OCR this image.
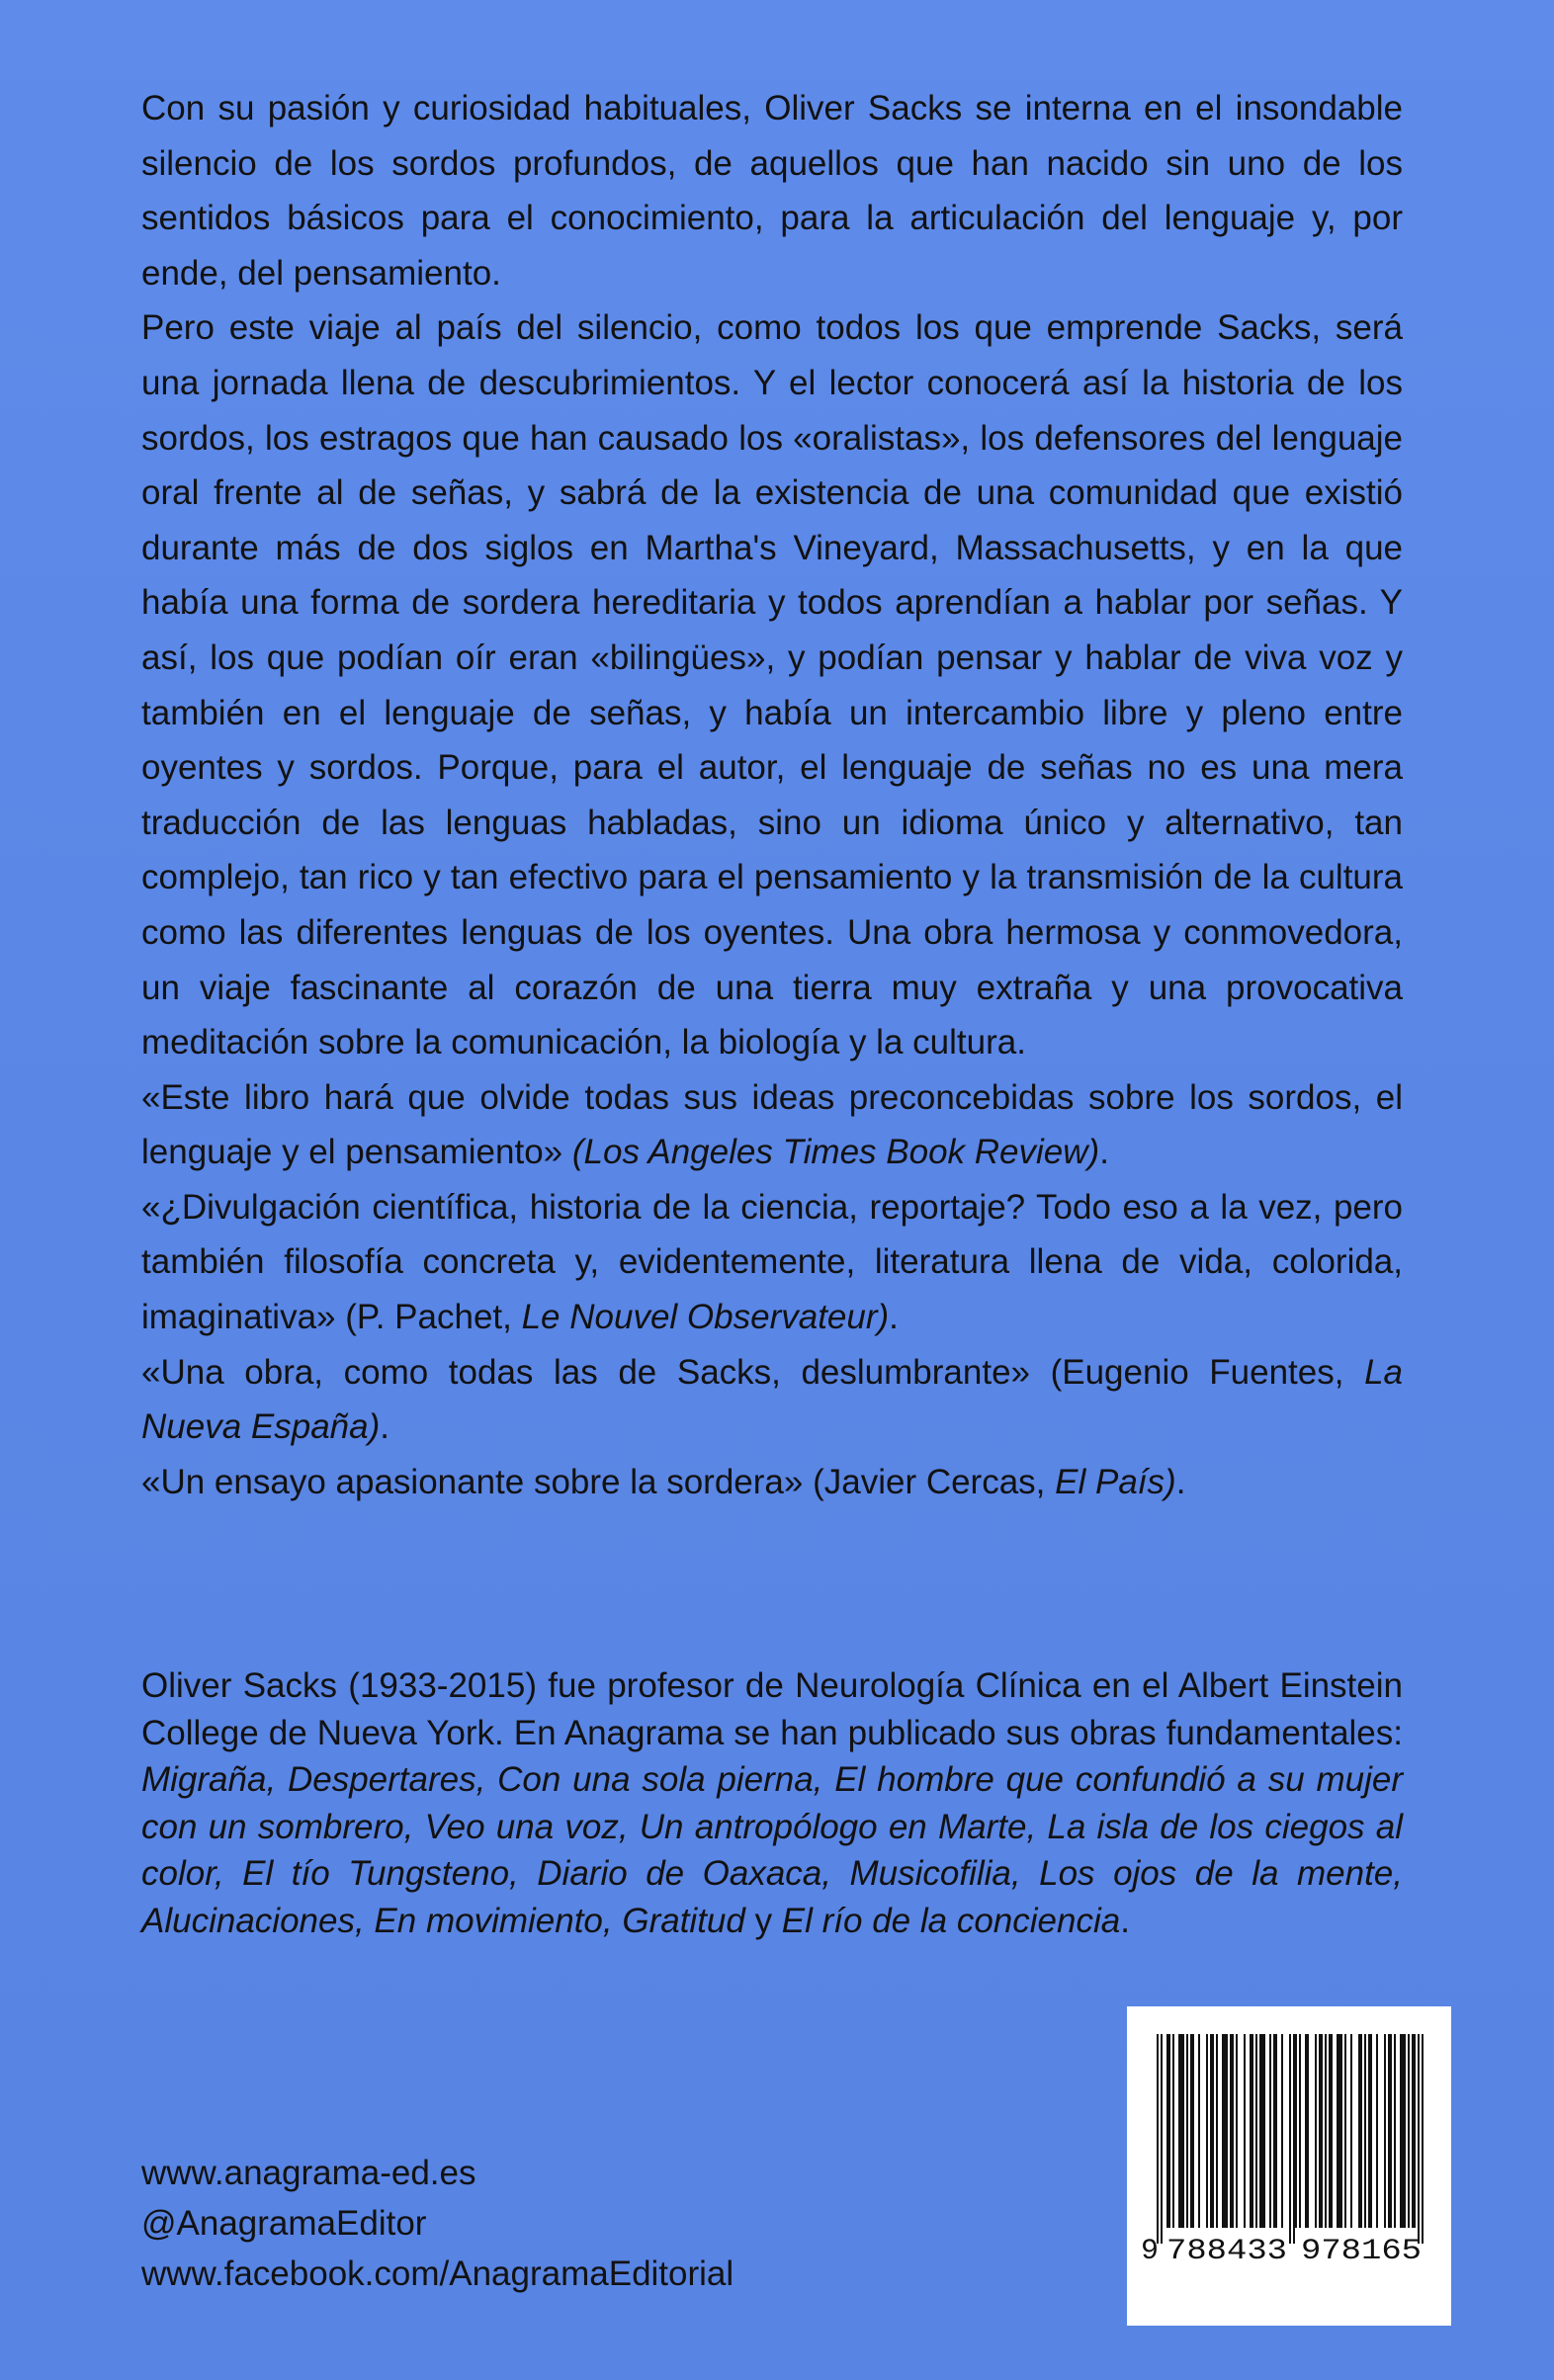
Con su pasión y curiosidad habituales, Oliver Sacks se interna en el insondable silencio de los sordos profundos, de aquellos que han nacido sin uno de los sentidos básicos para el conocimiento, para la articulación del lenguaje y, por ende, del pensamiento.

Pero este viaje al país del silencio, como todos los que emprende Sacks, será una jornada llena de descubrimientos. Y el lector conocerá así la historia de los sordos, los estragos que han causado los «oralistas», los defensores del lenguaje oral frente al de señas, y sabrá de la existencia de una comunidad que existió durante más de dos siglos en Martha's Vineyard, Massachusetts, y en la que había una forma de sordera hereditaria y todos aprendían a hablar por señas. Y así, los que podían oír eran «bilingües», y podían pensar y hablar de viva voz y también en el lenguaje de señas, y había un intercambio libre y pleno entre oyentes y sordos. Porque, para el autor, el lenguaje de señas no es una mera traducción de las lenguas habladas, sino un idioma único y alternativo, tan complejo, tan rico y tan efectivo para el pensamiento y la transmisión de la cultura como las diferentes lenguas de los oyentes. Una obra hermosa y conmovedora, un viaje fascinante al corazón de una tierra muy extraña y una provocativa meditación sobre la comunicación, la biología y la cultura.

«Este libro hará que olvide todas sus ideas preconcebidas sobre los sordos, el lenguaje y el pensamiento» (Los Angeles Times Book Review).

«¿Divulgación científica, historia de la ciencia, reportaje? Todo eso a la vez, pero también filosofía concreta y, evidentemente, literatura llena de vida, colorida, imaginativa» (P. Pachet, Le Nouvel Observateur).

«Una obra, como todas las de Sacks, deslumbrante» (Eugenio Fuentes, La Nueva España).

«Un ensayo apasionante sobre la sordera» (Javier Cercas, El País).

Oliver Sacks (1933-2015) fue profesor de Neurología Clínica en el Albert Einstein College de Nueva York. En Anagrama se han publicado sus obras fundamentales: Migraña, Despertares, Con una sola pierna, El hombre que confundió a su mujer con un sombrero, Veo una voz, Un antropólogo en Marte, La isla de los ciegos al color, El tío Tungsteno, Diario de Oaxaca, Musicofilia, Los ojos de la mente, Alucinaciones, En movimiento, Gratitud y El río de la conciencia.

www.anagrama-ed.es
@AnagramaEditor
www.facebook.com/AnagramaEditorial
9 788433 978165
